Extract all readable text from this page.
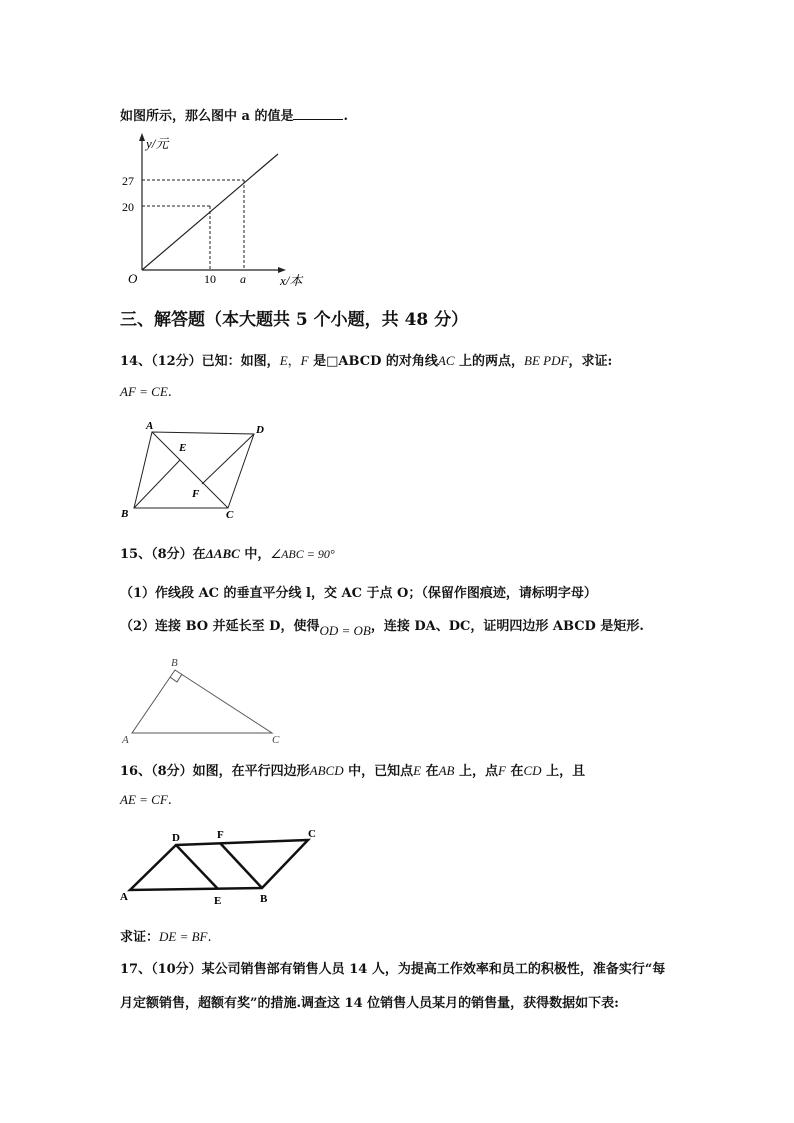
如图所示，那么图中 a 的值是	.
y/元
x/本
O
27
20
10 a
三、解答题（本大题共 5 个小题，共 48 分）
14、（12分）已知：如图，E，F 是□ABCD 的对角线AC 上的两点，BE PDF，求证:
AF = CE.
A	D
E
F
B	C
15、（8分）在ΔABC 中，∠ABC = 90°
（1）作线段 AC 的垂直平分线 l，交 AC 于点 O；（保留作图痕迹，请标明字母）
（2）连接 BO 并延长至 D，使得OD = OB，连接 DA、DC，证明四边形 ABCD 是矩形.
A
B
C
16、（8分）如图，在平行四边形ABCD 中，已知点E 在AB 上，点F 在CD 上，且
AE = CF.
D	F	C
A	E	B
求证：DE = BF.
17、（10分）某公司销售部有销售人员 14 人，为提高工作效率和员工的积极性，准备实行“每
月定额销售，超额有奖”的措施.调查这 14 位销售人员某月的销售量，获得数据如下表:
